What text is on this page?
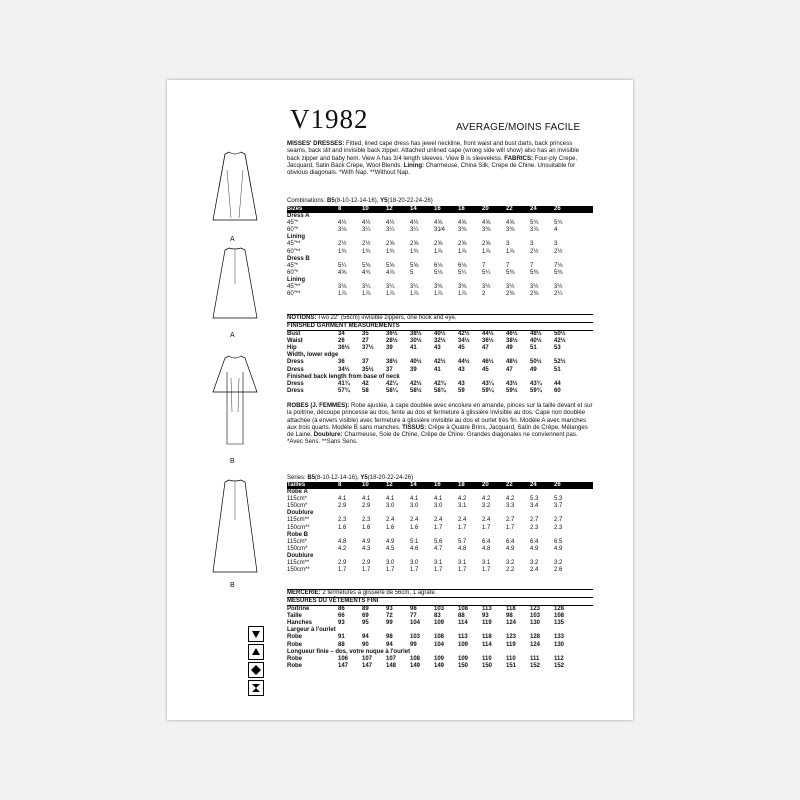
V1982	AVERAGE/MOINS FACILE
MISSES' DRESSES: Fitted, lined cape dress has jewel neckline, front waist and bust darts, back princess seams, back slit and invisible back zipper. Attached unlined cape (wrong side will show) also has an invisible back zipper and baby hem. View A has 3/4 length sleeves. View B is sleeveless. FABRICS: Four-ply Crepe, Jacquard, Satin Back Crepe, Wool Blends. Lining: Charmeuse, China Silk, Crepe de Chine. Unsuitable for obvious diagonals. *With Nap. **Without Nap.
Combinations: B5(8-10-12-14-16), Y5(18-20-22-24-26)
Sizes	8	10	12	14	16	18	20	22	24	26
Dress A
45"*	4½	4½	4½	4½	4⅝	4⅝	4⅝	4⅝	5¾	5¾
60"*	3⅛	3¼	3¼	3¼	31⁄4	3⅜	3⅜	3⅜	3⅞	4
Lining
45"**	2½	2½	2⅝	2⅝	2⅝	2⅝	2⅝	3	3	3
60"**	1¾	1¾	1¾	1¾	1⅞	1⅞	1⅞	1⅞	2½	2½
Dress B
45"*	5¼	5⅜	5⅝	5⅝	6⅛	6⅛	7	7	7	7⅛
60"*	4⅝	4¾	4⅞	5	5⅛	5¼	5¼	5⅜	5⅜	5⅜
Lining
45"**	3⅛	3¼	3¼	3¼	3⅜	3⅜	3½	3½	3½	3½
60"**	1⅞	1⅞	1⅞	1⅞	1⅞	1⅞	2	2⅜	2⅜	2¼
NOTIONS: Two 22" (56cm) invisible zippers, one hook and eye.
FINISHED GARMENT MEASUREMENTS
Bust	34	35	36½	38½	40½	42½	44½	46½	48½	50½
Waist	26	27	28½	30½	32½	34½	36½	38½	40½	42½
Hip	36½	37½	39	41	43	45	47	49	51	53
Width, lower edge
Dress	36	37	38½	40½	42½	44½	46½	48½	50½	52½
Dress	34½	35½	37	39	41	43	45	47	49	51
Finished back length from base of neck
Dress	41¾	42	42¼	42½	42¾	43	43¼	43½	43¾	44
Dress	57¾	58	58¼	58½	58¾	59	59¼	59½	59¾	60
ROBES (J. FEMMES): Robe ajustée, à cape doublée avec encolure en amande, pinces sur la taille devant et sur la poitrine, découpe princesse au dos, fente au dos et fermeture à glissière invisible au dos. Cape non doublée attachée (à envers visible) avec fermeture à glissière invisible au dos et ourlet très fin. Modèle A avec manches aux trois quarts. Modèle B sans manches. TISSUS: Crêpe à Quatre Brins, Jacquard, Satin de Crêpe, Mélanges de Laine. Doublure: Charmeuse, Soie de Chine, Crêpe de Chine. Grandes diagonales ne conviennent pas. *Avec Sens. **Sans Sens.
Séries: B5(8-10-12-14-16), Y5(18-20-22-24-26)
Tailles	8	10	12	14	16	18	20	22	24	26
Robe A
115cm*	4.1	4.1	4.1	4.1	4.1	4.2	4.2	4.2	5.3	5.3
150cm*	2.9	2.9	3.0	3.0	3.0	3.1	3.2	3.3	3.4	3.7
Doublure
115cm**	2.3	2.3	2.4	2.4	2.4	2.4	2.4	2.7	2.7	2.7
150cm**	1.6	1.6	1.6	1.6	1.7	1.7	1.7	1.7	2.3	2.3
Robe B
115cm*	4.8	4.9	4.9	5.1	5.6	5.7	6.4	6.4	6.4	6.5
150cm*	4.2	4.3	4.5	4.6	4.7	4.8	4.8	4.9	4.9	4.9
Doublure
115cm**	2.9	2.9	3.0	3.0	3.1	3.1	3.1	3.2	3.2	3.2
150cm**	1.7	1.7	1.7	1.7	1.7	1.7	1.7	2.2	2.4	2.6
MERCERIE: 2 fermetures à glissière de 56cm, 1 agrafe.
MESURES DU VÊTEMENTS FINI
Poitrine	86	89	93	98	103	108	113	118	123	128
Taille	66	69	72	77	83	88	93	98	103	108
Hanches	93	95	99	104	109	114	119	124	130	135
Largeur à l'ourlet
Robe	91	94	98	103	108	113	118	123	128	133
Robe	88	90	94	99	104	109	114	119	124	130
Longueur finie – dos, votre nuque à l'ourlet
Robe	106	107	107	108	109	109	110	110	111	112
Robe	147	147	148	149	149	150	150	151	152	152
A
A
B
B
